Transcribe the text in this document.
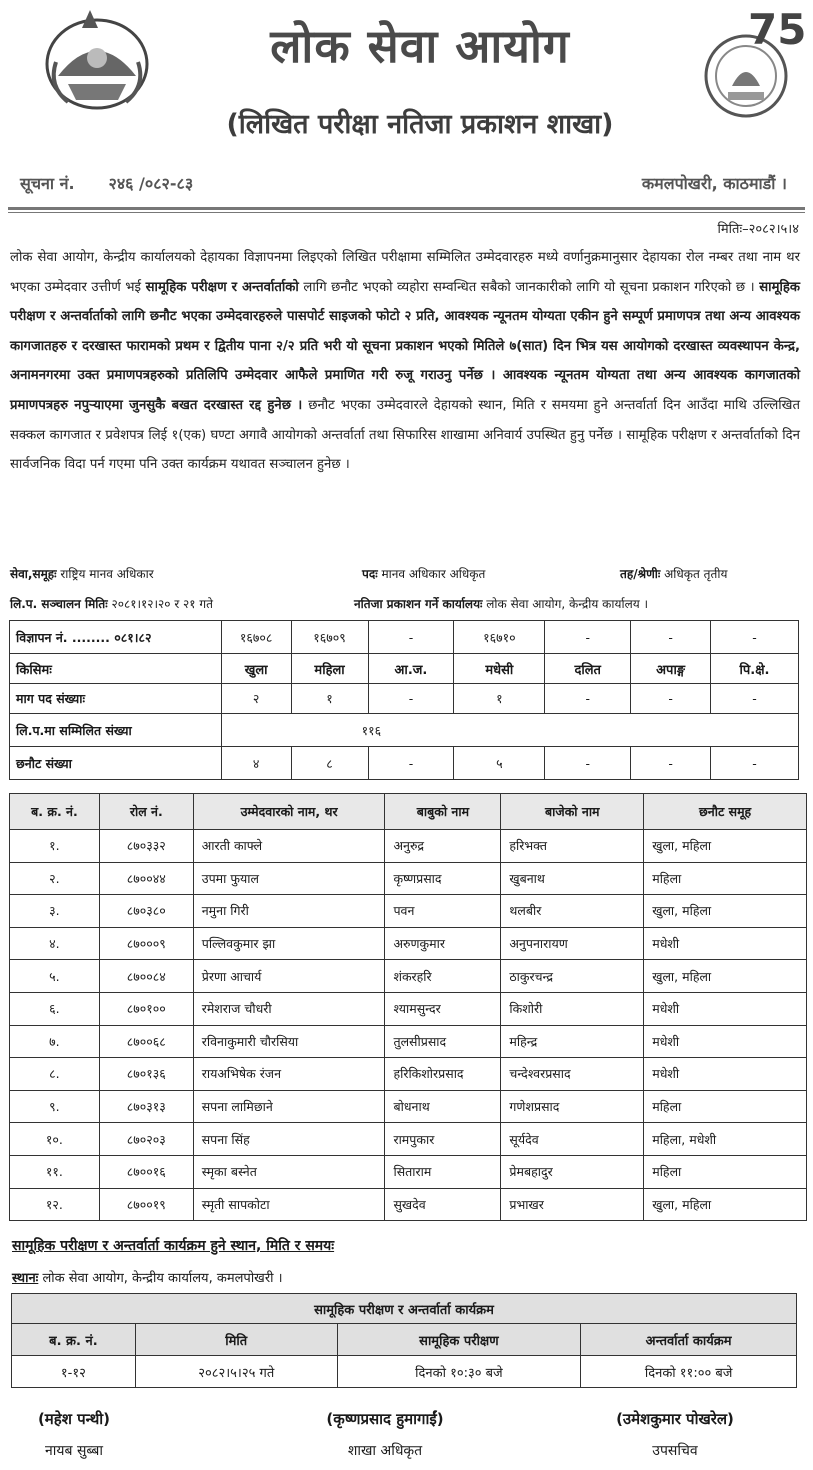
लोक सेवा आयोग
(लिखित परीक्षा नतिजा प्रकाशन शाखा)
75
सूचना नं. २४६ /०८२-८३	कमलपोखरी, काठमाडौं ।
मितिः–२०८२।५।४
लोक सेवा आयोग, केन्द्रीय कार्यालयको देहायका विज्ञापनमा लिइएको लिखित परीक्षामा सम्मिलित उम्मेदवारहरु मध्ये वर्णानुक्रमानुसार देहायका रोल नम्बर तथा नाम थर भएका उम्मेदवार उत्तीर्ण भई सामूहिक परीक्षण र अन्तर्वार्ताको लागि छनौट भएको व्यहोरा सम्वन्धित सबैको जानकारीको लागि यो सूचना प्रकाशन गरिएको छ । सामूहिक परीक्षण र अन्तर्वार्ताको लागि छनौट भएका उम्मेदवारहरुले पासपोर्ट साइजको फोटो २ प्रति, आवश्यक न्यूनतम योग्यता एकीन हुने सम्पूर्ण प्रमाणपत्र तथा अन्य आवश्यक कागजातहरु र दरखास्त फारामको प्रथम र द्वितीय पाना २/२ प्रति भरी यो सूचना प्रकाशन भएको मितिले ७(सात) दिन भित्र यस आयोगको दरखास्त व्यवस्थापन केन्द्र, अनामनगरमा उक्त प्रमाणपत्रहरुको प्रतिलिपि उम्मेदवार आफैले प्रमाणित गरी रुजू गराउनु पर्नेछ । आवश्यक न्यूनतम योग्यता तथा अन्य आवश्यक कागजातको प्रमाणपत्रहरु नपुऱ्याएमा जुनसुकै बखत दरखास्त रद्द हुनेछ । छनौट भएका उम्मेदवारले देहायको स्थान, मिति र समयमा हुने अन्तर्वार्ता दिन आउँदा माथि उल्लिखित सक्कल कागजात र प्रवेशपत्र लिई १(एक) घण्टा अगावै आयोगको अन्तर्वार्ता तथा सिफारिस शाखामा अनिवार्य उपस्थित हुनु पर्नेछ । सामूहिक परीक्षण र अन्तर्वार्ताको दिन सार्वजनिक विदा पर्न गएमा पनि उक्त कार्यक्रम यथावत सञ्चालन हुनेछ ।
सेवा,समूहः राष्ट्रिय मानव अधिकार	पदः मानव अधिकार अधिकृत	तह/श्रेणीः अधिकृत तृतीय
लि.प. सञ्चालन मितिः २०८१।१२।२० र २१ गते	नतिजा प्रकाशन गर्ने कार्यालयः लोक सेवा आयोग, केन्द्रीय कार्यालय ।
विज्ञापन नं. ........ ०८१।८२	१६७०८	१६७०९	-	१६७१०	-	-	-
किसिमः	खुला	महिला	आ.ज.	मधेसी	दलित	अपाङ्ग	पि.क्षे.
माग पद संख्याः	२	१	-	१	-	-	-
लि.प.मा सम्मिलित संख्या	११६						
छनौट संख्या	४	८	-	५	-	-	-
ब. क्र. नं.	रोल नं.	उम्मेदवारको नाम, थर	बाबुको नाम	बाजेको नाम	छनौट समूह
१.	८७०३३२	आरती काफ्ले	अनुरुद्र	हरिभक्त	खुला, महिला
२.	८७००४४	उपमा फुयाल	कृष्णप्रसाद	खुबनाथ	महिला
३.	८७०३८०	नमुना गिरी	पवन	थलबीर	खुला, महिला
४.	८७०००९	पल्लिवकुमार झा	अरुणकुमार	अनुपनारायण	मधेशी
५.	८७००८४	प्रेरणा आचार्य	शंकरहरि	ठाकुरचन्द्र	खुला, महिला
६.	८७०१००	रमेशराज चौधरी	श्यामसुन्दर	किशोरी	मधेशी
७.	८७००६८	रविनाकुमारी चौरसिया	तुलसीप्रसाद	महिन्द्र	मधेशी
८.	८७०१३६	रायअभिषेक रंजन	हरिकिशोरप्रसाद	चन्देश्वरप्रसाद	मधेशी
९.	८७०३१३	सपना लामिछाने	बोधनाथ	गणेशप्रसाद	महिला
१०.	८७०२०३	सपना सिंह	रामपुकार	सूर्यदेव	महिला, मधेशी
११.	८७००१६	स्मृका बस्नेत	सिताराम	प्रेमबहादुर	महिला
१२.	८७००१९	स्मृती सापकोटा	सुखदेव	प्रभाखर	खुला, महिला
सामूहिक परीक्षण र अन्तर्वार्ता कार्यक्रम हुने स्थान, मिति र समयः
स्थानः लोक सेवा आयोग, केन्द्रीय कार्यालय, कमलपोखरी ।
सामूहिक परीक्षण र अन्तर्वार्ता कार्यक्रम			
ब. क्र. नं.	मिति	सामूहिक परीक्षण	अन्तर्वार्ता कार्यक्रम
१-१२	२०८२।५।२५ गते	दिनको १०:३० बजे	दिनको ११:०० बजे
(महेश पन्थी)
नायब सुब्बा
(कृष्णप्रसाद हुमागाईं)
शाखा अधिकृत
(उमेशकुमार पोखरेल)
उपसचिव
